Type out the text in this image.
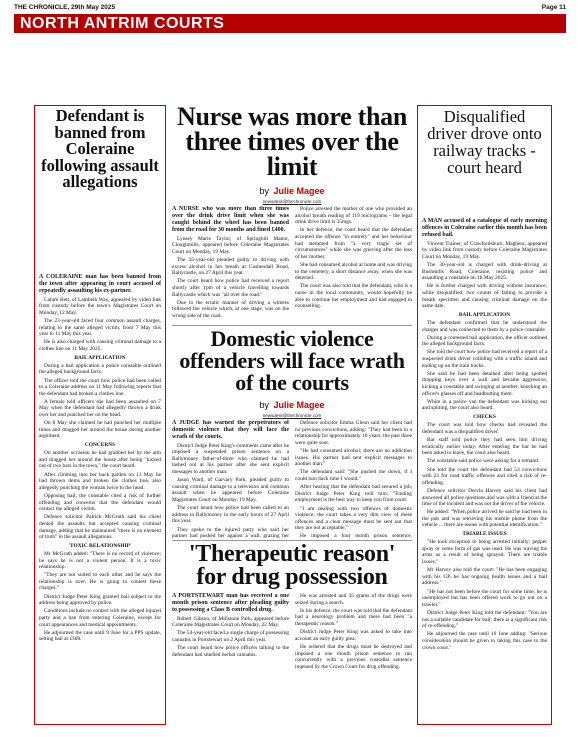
THE CHRONICLE, 29th May 2025	Page 11
NORTH ANTRIM COURTS
Defendant is banned from Coleraine following assault allegations

A COLERAINE man has been banned from the town after appearing in court accused of repeatedly assaulting his ex-partner.

Calum Bett, of Lambeth Way, appeared by video link from custody before the town's Magistrates Court on Monday, 12 May.

The 23-year-old faced four common assault charges, relating to the same alleged victim, from 7 May this year to 11 May this year.

He is also charged with causing criminal damage to a clothes line on 11 May 2025.

BAIL APPLICATION

During a bail application a police constable outlined the alleged background facts.

The officer told the court how police had been called to a Coleraine address on 11 May following reports that the defendant had broken a clothes line.

A female told officers she had been assaulted on 7 May when the defendant had allegedly thrown a drink over her and punched her on the head.

On 8 May she claimed he had punched her multiple times and dragged her around the house during another argument.

CONCERNS

On another occasion he had grabbed her by the arm and dragged her around the house after being "kicked out of two bars in the town," the court heard.

After climbing into her back garden on 11 May he had thrown items and broken the clothes line, also allegedly punching the woman twice to the head.

Opposing bail, the constable cited a risk of further offending and concerns that the defendant would contact the alleged victim.

Defence solicitor Patrick McGrath said his client denied the assaults but accepted causing criminal damage, adding that he maintained "there is no element of truth" in the assault allegations.

'TOXIC RELATIONSHIP'

Mr McGrath added: "There is no record of violence; he says he is not a violent person. It is a toxic relationship.

"They are not suited to each other and he says the relationship is over. He is going to contest these charges."

District Judge Peter King granted bail subject to the address being approved by police.

Conditions include no contact with the alleged injured party and a ban from entering Coleraine, except for court appearances and medical appointments.

He adjourned the case until 9 June for a PPS update, setting bail at £500.

Nurse was more than three times over the limit
by Julie Magee
newsdesk@thechronicle.com

A NURSE who was more than three times over the drink drive limit when she was caught behind the wheel has been banned from the road for 30 months and fined £400.

Lynsey Marie Taylor, of Springhill Manor, Cloughmills, appeared before Coleraine Magistrates Court on Monday, 19 May.

The 35-year-old pleaded guilty to driving with excess alcohol in her breath at Cushendall Road, Ballycastle, on 27 April this year.

The court heard how police had received a report shortly after 1pm of a vehicle travelling towards Ballycastle which was "all over the road."

Due to the erratic manner of driving a witness followed the vehicle which, at one stage, was on the wrong side of the road.

Police arrested the mother of one who provided an alcohol breath reading of 119 micrograms – the legal drink drive limit is 35mgs.

In her defence, the court heard that the defendant accepted the offence "in entirety" and her behaviour had stemmed from "a very tragic set of circumstances" while she was grieving after the loss of her mother.

She had consumed alcohol at home and was driving to the cemetery, a short distance away, when she was detected.

The court was also told that the defendant, who is a nurse in the local community, would hopefully be able to continue her employment and had engaged in counselling.

Domestic violence offenders will face wrath of the courts
by Julie Magee
newsdesk@thechronicle.com

A JUDGE has warned the perpetrators of domestic violence that they will face the wrath of the courts.

District Judge Peter King's comments came after he imposed a suspended prison sentence on a Ballymoney father-of-three who claimed he had lashed out at his partner after she sent explicit messages to another man.

Jason Ward, of Garvary Park, pleaded guilty to causing criminal damage to a television and common assault when he appeared before Coleraine Magistrates Court on Monday, 19 May.

The court heard how police had been called to an address in Ballymoney in the early hours of 27 April this year.

They spoke to the injured party who said her partner had pushed her against a wall, grazing her

Defence solicitor Emma Glenn said her client had no previous convictions, adding: "They had been in a relationship for approximately 10 years; the past three were quite sour.

"He had consumed alcohol; there are no addiction issues. His partner had sent explicit messages to another man."

The defendant said: "She pushed me down, if I could turn back time I would."

After hearing that the defendant had secured a job, District Judge Peter King told him: "Finding employment is the best way to keep you from court.

"I am dealing with two offences of domestic violence; the court takes a very dim view of these offences and a clear message must be sent out that they are not acceptable."

He imposed a four month prison sentence,

'Therapeutic reason' for drug possession

A PORTSTEWART man has received a one month prison sentence after pleading guilty to possessing a Class B controlled drug.

Robert Gibson, of Millstone Park, appeared before Coleraine Magistrates Court on Monday, 22 May.

The 54-year-old faced a single charge of possessing cannabis in Portstewart on 2 April this year.

The court heard how police officers talking to the defendant had smelled herbal cannabis.

He was arrested and 35 grams of the drugs were seized during a search.

In his defence, the court was told that the defendant had a neurology problem and there had been "a therapeutic reason."

District Judge Peter King was asked to take into account an early guilty plea.

He ordered that the drugs must be destroyed and imposed a one month prison sentence to run concurrently with a previous custodial sentence imposed by the Crown Court for drug offending.

Disqualified driver drove onto railway tracks - court heard

A MAN accused of a catalogue of early morning offences in Coleraine earlier this month has been refused bail.

Vincent Trainer, of Crawfordsburn, Maghera, appeared by video link from custody before Coleraine Magistrates Court on Monday, 19 May.

The 30-year-old is charged with drink-driving at Bushmills Road, Coleraine, resisting police and assaulting a constable on 18 May 2025.

He is further charged with driving without insurance, while disqualified, two counts of failing to provide a breath specimen and causing criminal damage on the same date.

BAIL APPLICATION

The defendant confirmed that he understood the charges and was connected to them by a police constable.

During a contested bail application, the officer outlined the alleged background facts.

She told the court how police had received a report of a suspected drink driver colliding with a traffic island and ending up on the train tracks.

She said he had been detained after being spotted dropping keys over a wall and became aggressive, kicking a constable and swinging at another, knocking an officer's glasses off and headbutting them.

While in a police van the defendant was kicking out and spitting, the court also heard.

CHECKS

The court was told how checks had revealed the defendant was a disqualified driver.

Bar staff told police they had seen him driving erratically earlier today. After entering the bar he had been asked to leave, the court also heard.

The constable said police were asking for a remand.

She told the court the defendant had 53 convictions with 23 for road traffic offences and cited a risk of re-offending.

Defence solicitor Dervla Harvey said his client had answered all police questions and was with a friend at the time of the incident and was not the driver of the vehicle.

He added: "When police arrived he said he had been in the pub and was retrieving his mobile phone from the vehicle ... there are issues with potential identification."

TRIABLE ISSUES

"He took exception to being arrested initially; pepper spray or some form of gas was used. He was waving his arms as a result of being sprayed. There are triable issues."

Mr Harvey also told the court: "He has been engaging with his GP, he has ongoing health issues and a bail address."

"He has not been before the court for some time, he is unemployed but has been offered work to go out on a trawler."

District Judge Peter King told the defendant: "You are not a suitable candidate for bail; there is a significant risk of re-offending."

He adjourned the case until 16 June adding: "Serious consideration should be given to taking this case to the crown court."
